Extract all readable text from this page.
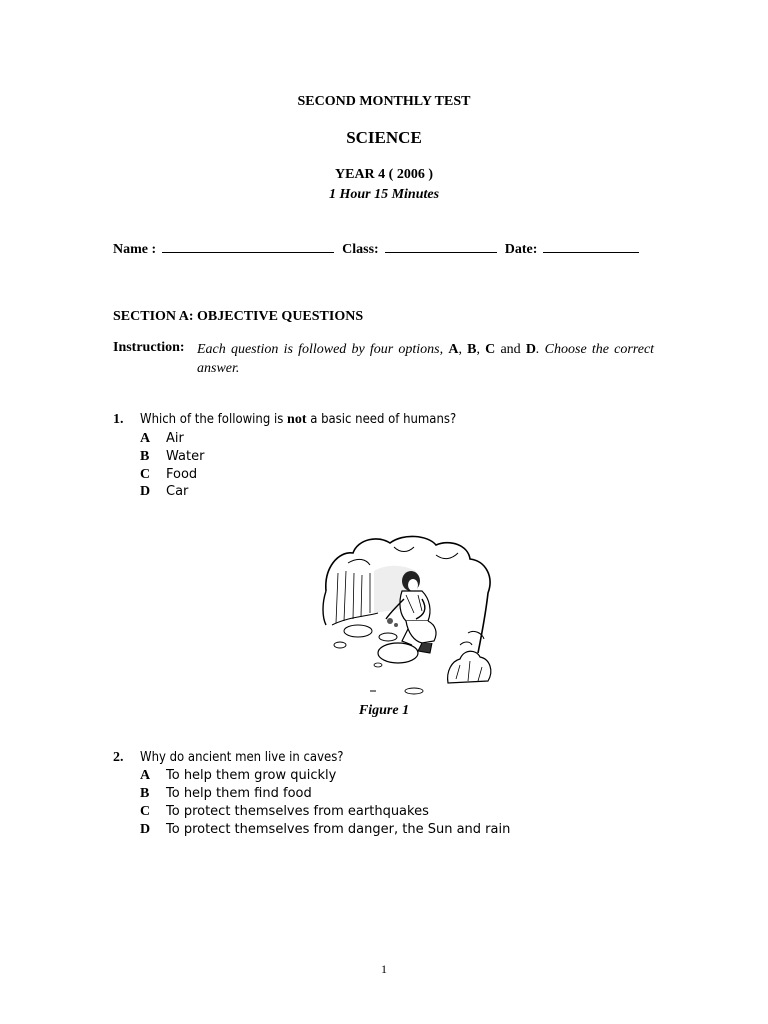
SECOND MONTHLY TEST
SCIENCE
YEAR 4 ( 2006 )
1 Hour 15 Minutes
Name :	Class:	Date:
SECTION A: OBJECTIVE QUESTIONS
Instruction: Each question is followed by four options, A, B, C and D. Choose the correct answer.
1. Which of the following is not a basic need of humans?
A Air
B Water
C Food
D Car
Figure 1
2. Why do ancient men live in caves?
A To help them grow quickly
B To help them find food
C To protect themselves from earthquakes
D To protect themselves from danger, the Sun and rain
1
